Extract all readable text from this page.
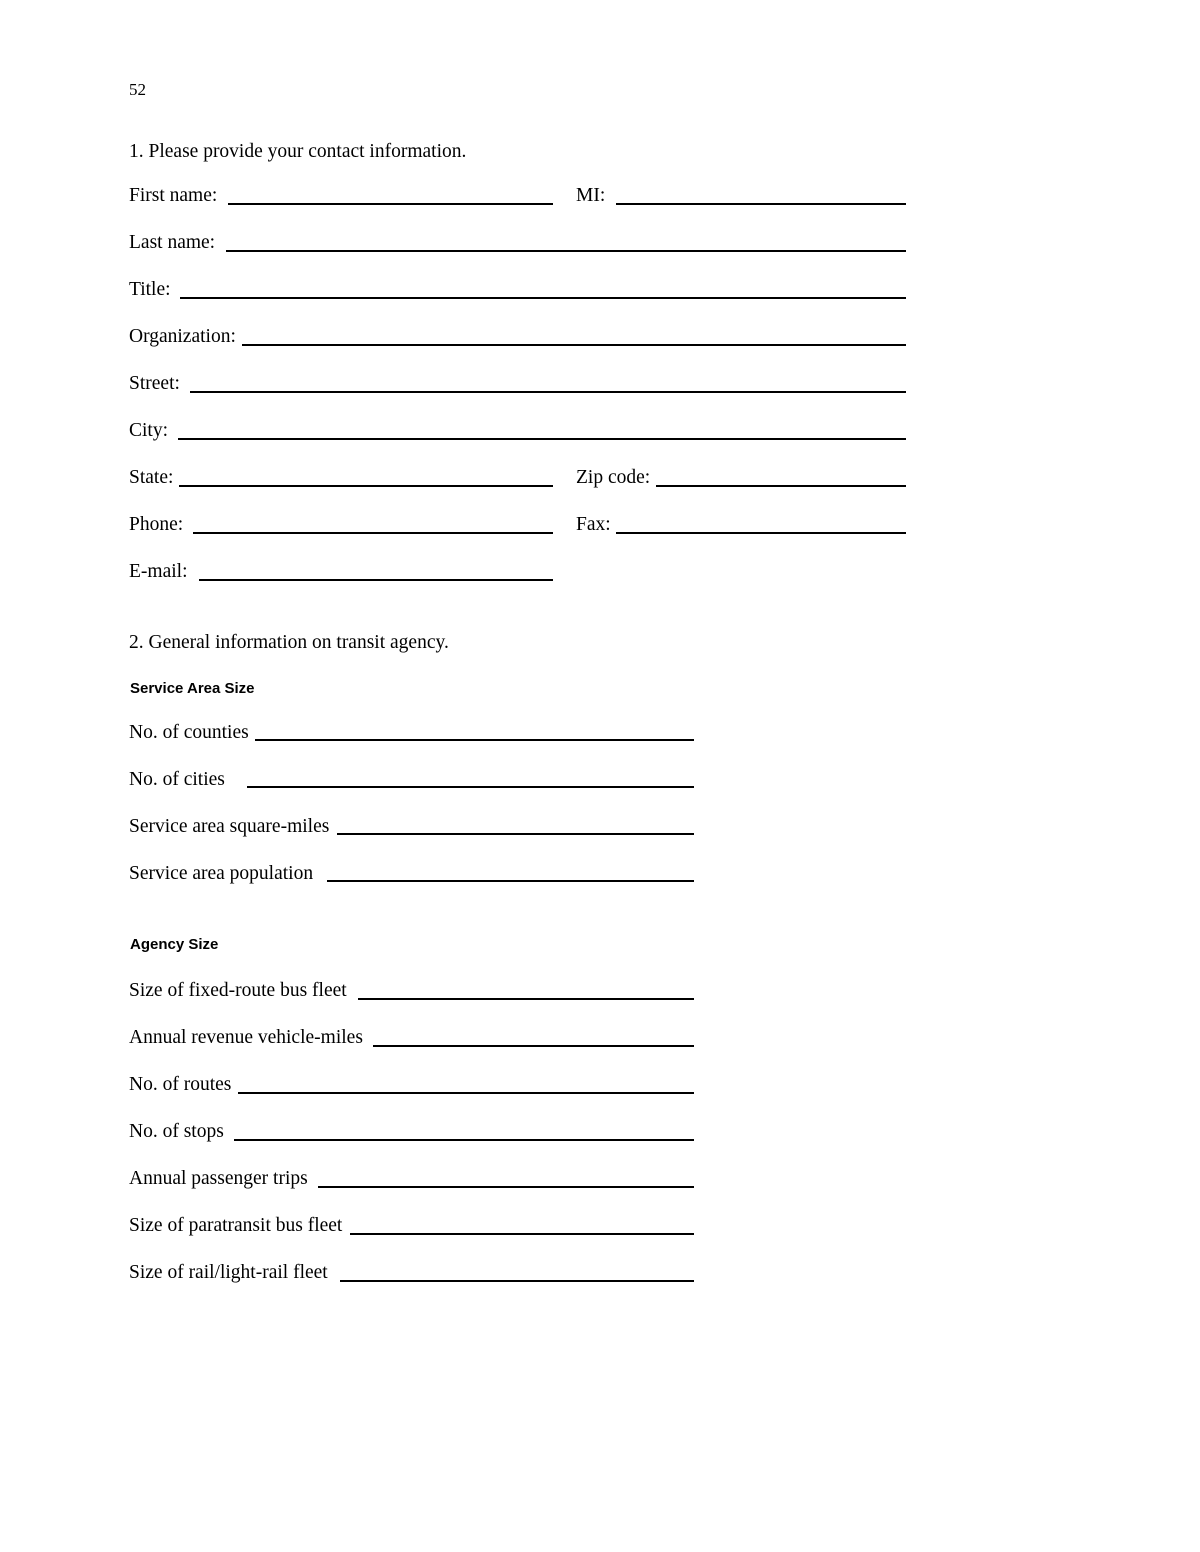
52
1. Please provide your contact information.
First name:	MI:
Last name:
Title:
Organization:
Street:
City:
State:	Zip code:
Phone:	Fax:
E-mail:
2. General information on transit agency.
Service Area Size
No. of counties
No. of cities
Service area square-miles
Service area population
Agency Size
Size of fixed-route bus fleet
Annual revenue vehicle-miles
No. of routes
No. of stops
Annual passenger trips
Size of paratransit bus fleet
Size of rail/light-rail fleet
